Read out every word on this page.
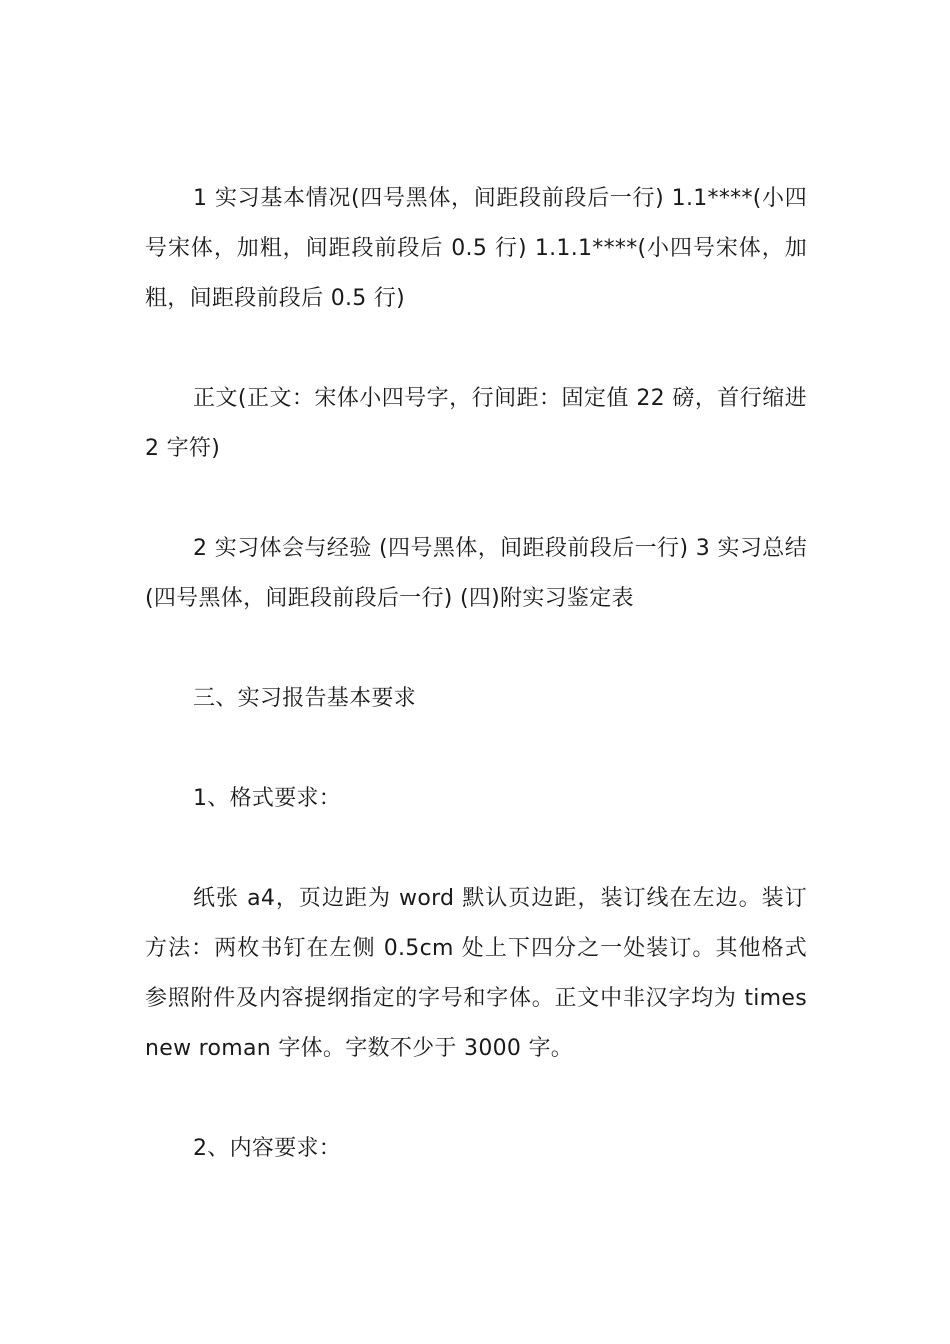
1 实习基本情况(四号黑体，间距段前段后一行) 1.1****(小四号宋体，加粗，间距段前段后 0.5 行) 1.1.1****(小四号宋体，加粗，间距段前段后 0.5 行)

正文(正文：宋体小四号字，行间距：固定值 22 磅，首行缩进 2 字符)

2 实习体会与经验 (四号黑体，间距段前段后一行) 3 实习总结(四号黑体，间距段前段后一行) (四)附实习鉴定表

三、实习报告基本要求

1、格式要求：

纸张 a4，页边距为 word 默认页边距，装订线在左边。装订方法：两枚书钉在左侧 0.5cm 处上下四分之一处装订。其他格式参照附件及内容提纲指定的字号和字体。正文中非汉字均为 times new roman 字体。字数不少于 3000 字。

2、内容要求：
